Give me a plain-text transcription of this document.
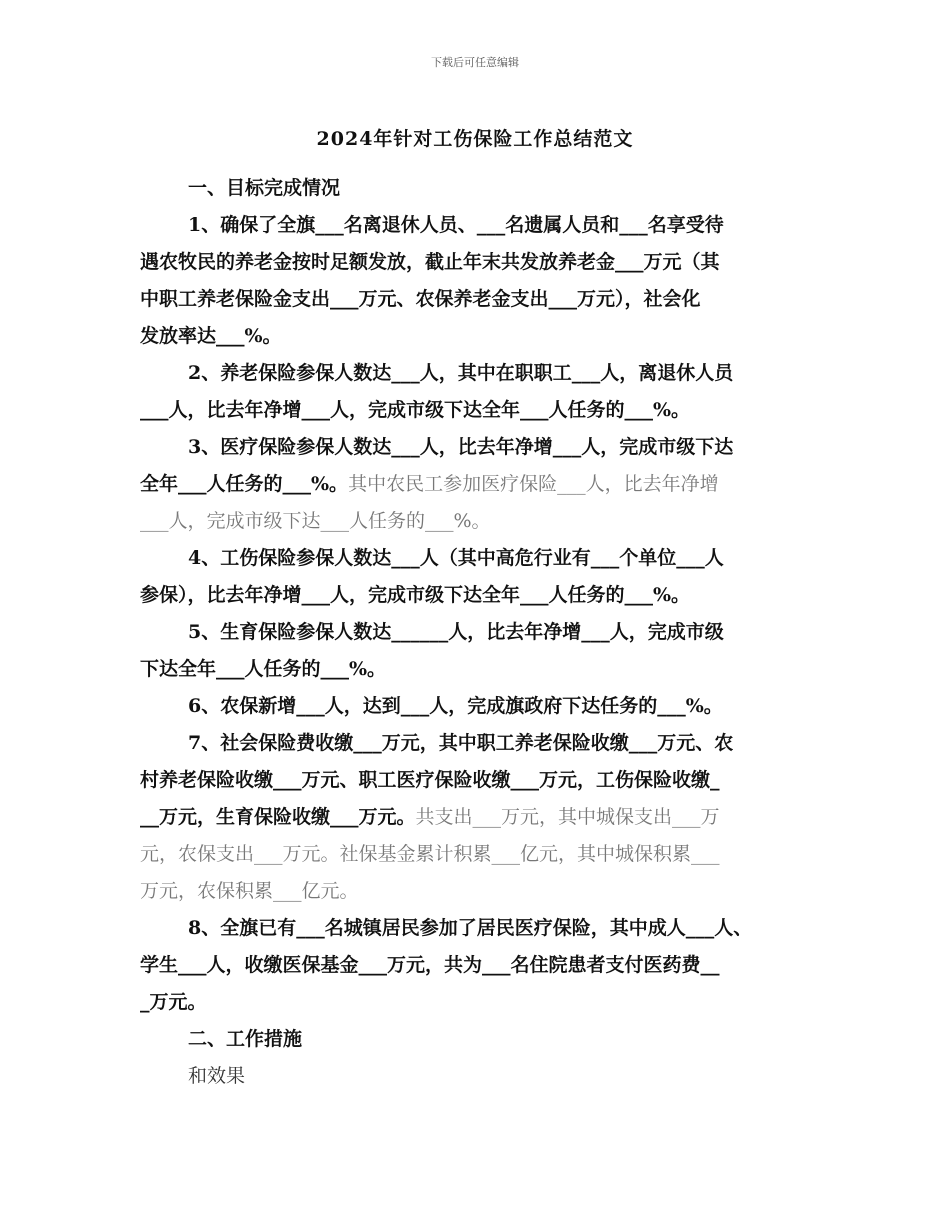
下载后可任意编辑
2024年针对工伤保险工作总结范文
一、目标完成情况
1、确保了全旗___名离退休人员、___名遗属人员和___名享受待
遇农牧民的养老金按时足额发放，截止年末共发放养老金___万元（其
中职工养老保险金支出___万元、农保养老金支出___万元），社会化
发放率达___%。
2、养老保险参保人数达___人，其中在职职工___人，离退休人员
___人，比去年净增___人，完成市级下达全年___人任务的___%。
3、医疗保险参保人数达___人，比去年净增___人，完成市级下达
全年___人任务的___%。其中农民工参加医疗保险___人，比去年净增
___人，完成市级下达___人任务的___%。
4、工伤保险参保人数达___人（其中高危行业有___个单位___人
参保），比去年净增___人，完成市级下达全年___人任务的___%。
5、生育保险参保人数达______人，比去年净增___人，完成市级
下达全年___人任务的___%。
6、农保新增___人，达到___人，完成旗政府下达任务的___%。
7、社会保险费收缴___万元，其中职工养老保险收缴___万元、农
村养老保险收缴___万元、职工医疗保险收缴___万元，工伤保险收缴_
__万元，生育保险收缴___万元。共支出___万元，其中城保支出___万
元，农保支出___万元。社保基金累计积累___亿元，其中城保积累___
万元，农保积累___亿元。
8、全旗已有___名城镇居民参加了居民医疗保险，其中成人___人、
学生___人，收缴医保基金___万元，共为___名住院患者支付医药费__
_万元。
二、工作措施
和效果
